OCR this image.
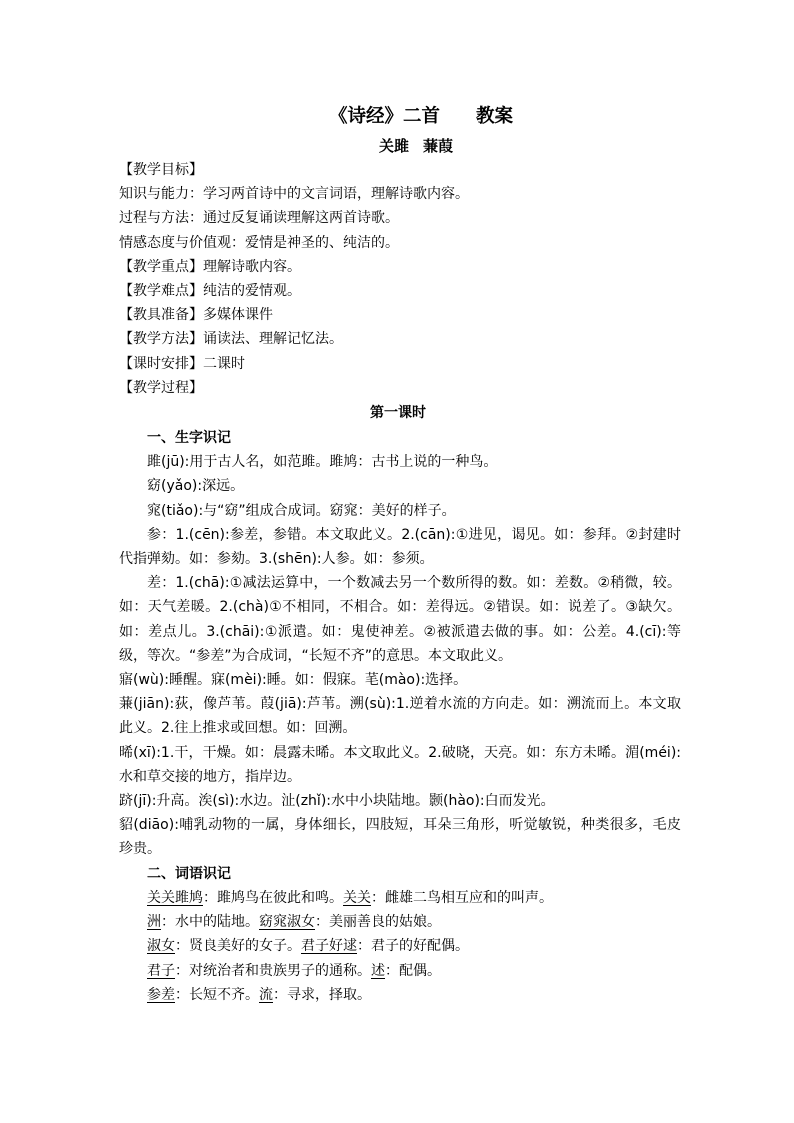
《诗经》二首 教案
关雎 蒹葭
【教学目标】
知识与能力：学习两首诗中的文言词语，理解诗歌内容。
过程与方法：通过反复诵读理解这两首诗歌。
情感态度与价值观：爱情是神圣的、纯洁的。
【教学重点】理解诗歌内容。
【教学难点】纯洁的爱情观。
【教具准备】多媒体课件
【教学方法】诵读法、理解记忆法。
【课时安排】二课时
【教学过程】
第一课时
一、生字识记
雎(jū):用于古人名，如范雎。雎鸠：古书上说的一种鸟。
窈(yǎo):深远。
窕(tiǎo):与“窈”组成合成词。窈窕：美好的样子。
参：1.(cēn):参差，参错。本文取此义。2.(cān):①进见，谒见。如：参拜。②封建时代指弹劾。如：参劾。3.(shēn):人参。如：参须。
差：1.(chā):①减法运算中，一个数减去另一个数所得的数。如：差数。②稍微，较。如：天气差暖。2.(chà)①不相同，不相合。如：差得远。②错误。如：说差了。③缺欠。如：差点儿。3.(chāi):①派遣。如：鬼使神差。②被派遣去做的事。如：公差。4.(cī):等级，等次。“参差”为合成词，“长短不齐”的意思。本文取此义。
寤(wù):睡醒。寐(mèi):睡。如：假寐。芼(mào):选择。
蒹(jiān):荻，像芦苇。葭(jiā):芦苇。溯(sù):1.逆着水流的方向走。如：溯流而上。本文取此义。2.往上推求或回想。如：回溯。
晞(xī):1.干，干燥。如：晨露未晞。本文取此义。2.破晓，天亮。如：东方未晞。湄(méi):水和草交接的地方，指岸边。
跻(jī):升高。涘(sì):水边。沚(zhǐ):水中小块陆地。颢(hào):白而发光。
貂(diāo):哺乳动物的一属，身体细长，四肢短，耳朵三角形，听觉敏锐，种类很多，毛皮珍贵。
二、词语识记
关关雎鸠：雎鸠鸟在彼此和鸣。关关：雌雄二鸟相互应和的叫声。
洲：水中的陆地。窈窕淑女：美丽善良的姑娘。
淑女：贤良美好的女子。君子好逑：君子的好配偶。
君子：对统治者和贵族男子的通称。述：配偶。
参差：长短不齐。流：寻求，择取。
